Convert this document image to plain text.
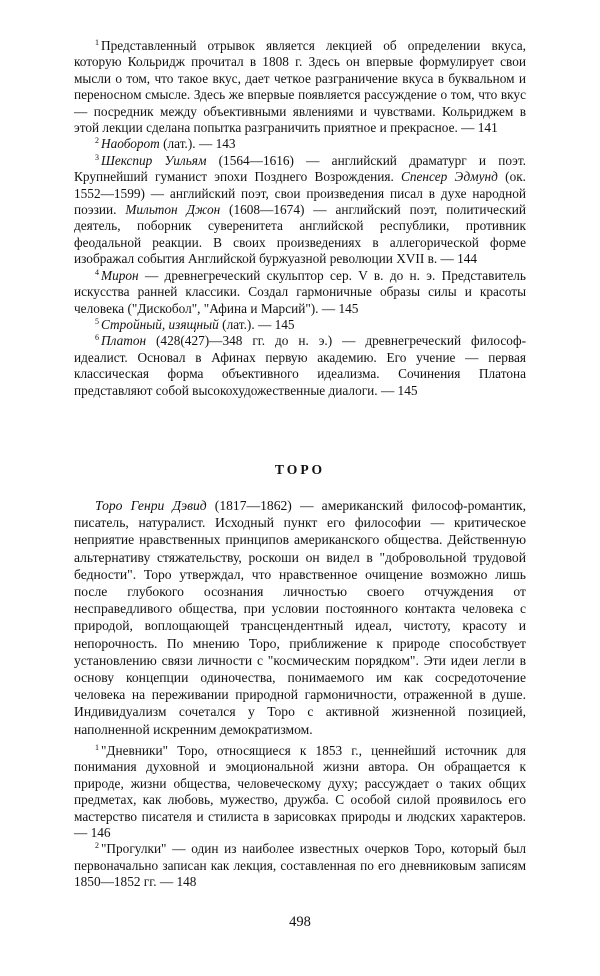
$^1$ Представленный отрывок является лекцией об определении вкуса, которую Кольридж прочитал в 1808 г. Здесь он впервые формулирует свои мысли о том, что такое вкус, дает четкое разграничение вкуса в буквальном и переносном смысле. Здесь же впервые появляется рассуждение о том, что вкус — посредник между объективными явлениями и чувствами. Кольриджем в этой лекции сделана попытка разграничить приятное и прекрасное. — 141

$^2$ Наоборот (лат.). — 143

$^3$ Шекспир Уильям (1564—1616) — английский драматург и поэт. Крупнейший гуманист эпохи Позднего Возрождения. Спенсер Эдмунд (ок. 1552—1599) — английский поэт, свои произведения писал в духе народной поэзии. Мильтон Джон (1608—1674) — английский поэт, политический деятель, поборник суверенитета английской республики, противник феодальной реакции. В своих произведениях в аллегорической форме изображал события Английской буржуазной революции XVII в. — 144

$^4$ Мирон — древнегреческий скульптор сер. V в. до н. э. Представитель искусства ранней классики. Создал гармоничные образы силы и красоты человека ("Дискобол", "Афина и Марсий"). — 145

$^5$ Стройный, изящный (лат.). — 145

$^6$ Платон (428(427)—348 гг. до н. э.) — древнегреческий философ-идеалист. Основал в Афинах первую академию. Его учение — первая классическая форма объективного идеализма. Сочинения Платона представляют собой высокохудожественные диалоги. — 145

ТОРО

Торо Генри Дэвид (1817—1862) — американский философ-романтик, писатель, натуралист. Исходный пункт его философии — критическое неприятие нравственных принципов американского общества. Действенную альтернативу стяжательству, роскоши он видел в "добровольной трудовой бедности". Торо утверждал, что нравственное очищение возможно лишь после глубокого осознания личностью своего отчуждения от несправедливого общества, при условии постоянного контакта человека с природой, воплощающей трансцендентный идеал, чистоту, красоту и непорочность. По мнению Торо, приближение к природе способствует установлению связи личности с "космическим порядком". Эти идеи легли в основу концепции одиночества, понимаемого им как сосредоточение человека на переживании природной гармоничности, отраженной в душе. Индивидуализм сочетался у Торо с активной жизненной позицией, наполненной искренним демократизмом.

$^1$ "Дневники" Торо, относящиеся к 1853 г., ценнейший источник для понимания духовной и эмоциональной жизни автора. Он обращается к природе, жизни общества, человеческому духу; рассуждает о таких общих предметах, как любовь, мужество, дружба. С особой силой проявилось его мастерство писателя и стилиста в зарисовках природы и людских характеров. — 146

$^2$ "Прогулки" — один из наиболее известных очерков Торо, который был первоначально записан как лекция, составленная по его дневниковым записям 1850—1852 гг. — 148

498
